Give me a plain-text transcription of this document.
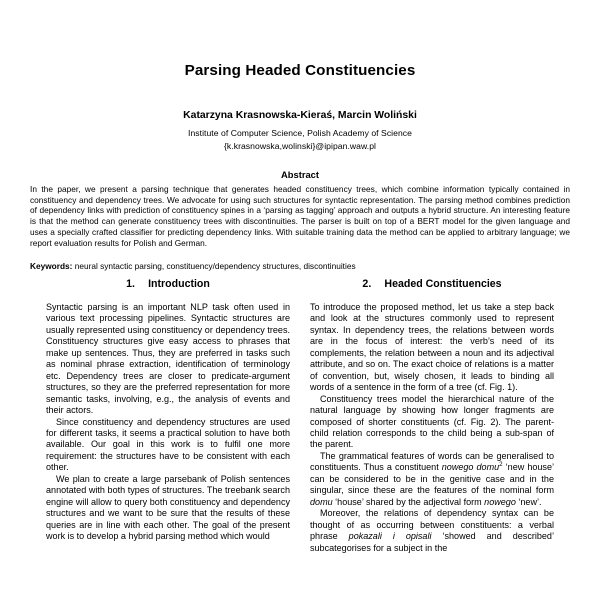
Parsing Headed Constituencies
Katarzyna Krasnowska-Kieraś, Marcin Woliński
Institute of Computer Science, Polish Academy of Science
{k.krasnowska,wolinski}@ipipan.waw.pl
Abstract

In the paper, we present a parsing technique that generates headed constituency trees, which combine information typically contained in constituency and dependency trees. We advocate for using such structures for syntactic representation. The parsing method combines prediction of dependency links with prediction of constituency spines in a ‘parsing as tagging’ approach and outputs a hybrid structure. An interesting feature is that the method can generate constituency trees with discontinuities. The parser is built on top of a BERT model for the given language and uses a specially crafted classifier for predicting dependency links. With suitable training data the method can be applied to arbitrary language; we report evaluation results for Polish and German.

Keywords: neural syntactic parsing, constituency/dependency structures, discontinuities
1. Introduction

Syntactic parsing is an important NLP task often used in various text processing pipelines. Syntactic structures are usually represented using constituency or dependency trees. Constituency structures give easy access to phrases that make up sentences. Thus, they are preferred in tasks such as nominal phrase extraction, identification of terminology etc. Dependency trees are closer to predicate-argument structures, so they are the preferred representation for more semantic tasks, involving, e.g., the analysis of events and their actors.

Since constituency and dependency structures are used for different tasks, it seems a practical solution to have both available. Our goal in this work is to fulfil one more requirement: the structures have to be consistent with each other.

We plan to create a large parsebank of Polish sentences annotated with both types of structures. The treebank search engine will allow to query both constituency and dependency structures and we want to be sure that the results of these queries are in line with each other. The goal of the present work is to develop a hybrid parsing method which would

2. Headed Constituencies

To introduce the proposed method, let us take a step back and look at the structures commonly used to represent syntax. In dependency trees, the relations between words are in the focus of interest: the verb’s need of its complements, the relation between a noun and its adjectival attribute, and so on. The exact choice of relations is a matter of convention, but, wisely chosen, it leads to binding all words of a sentence in the form of a tree (cf. Fig. 1).

Constituency trees model the hierarchical nature of the natural language by showing how longer fragments are composed of shorter constituents (cf. Fig. 2). The parent-child relation corresponds to the child being a sub-span of the parent.

The grammatical features of words can be generalised to constituents. Thus a constituent nowego domu$^2$ ‘new house’ can be considered to be in the genitive case and in the singular, since these are the features of the nominal form domu ‘house’ shared by the adjectival form nowego ‘new’.

Moreover, the relations of dependency syntax can be thought of as occurring between constituents: a verbal phrase pokazali i opisali ‘showed and described’ subcategorises for a subject in the
